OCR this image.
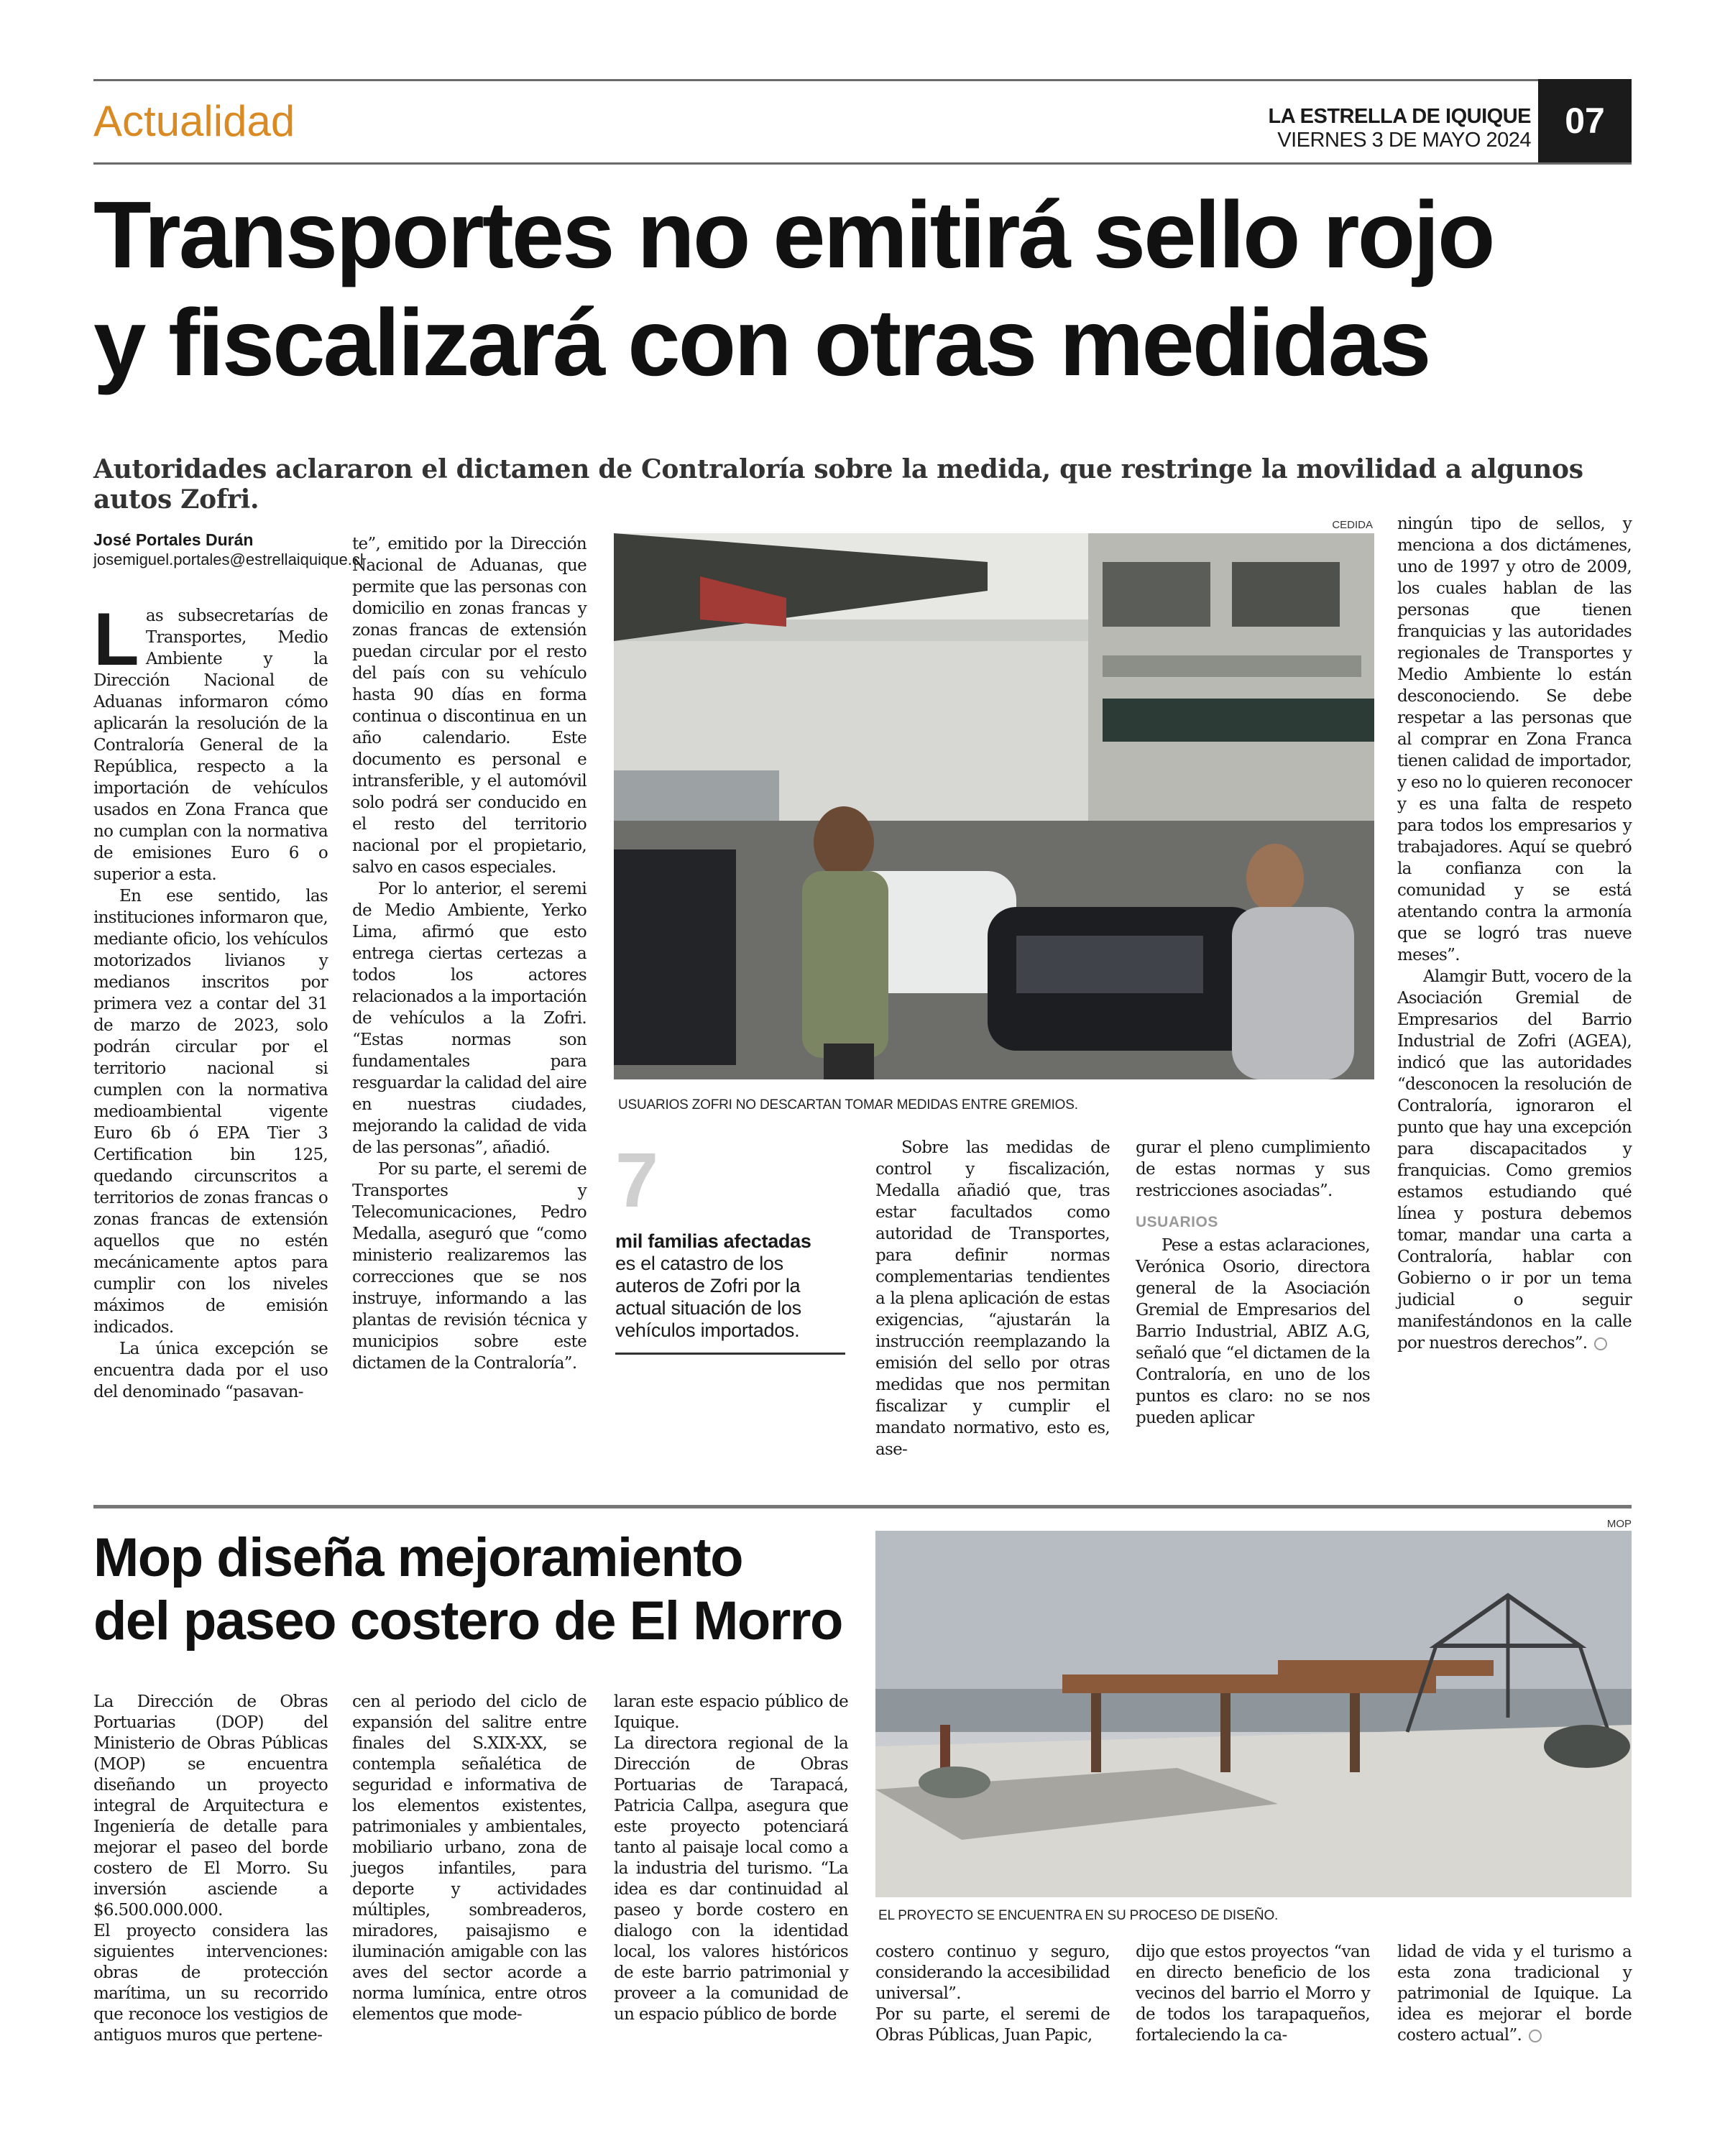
Actualidad	LA ESTRELLA DE IQUIQUE
VIERNES 3 DE MAYO 2024 07
Transportes no emitirá sello rojo
y fiscalizará con otras medidas
Autoridades aclararon el dictamen de Contraloría sobre la medida, que restringe la movilidad a algunos autos Zofri.
José Portales Durán
josemiguel.portales@estrellaiquique.cl

Las subsecretarías de Transportes, Medio Ambiente y la Dirección Nacional de Aduanas informaron cómo aplicarán la resolución de la Contraloría General de la República, respecto a la importación de vehículos usados en Zona Franca que no cumplan con la normativa de emisiones Euro 6 o superior a esta.

En ese sentido, las instituciones informaron que, mediante oficio, los vehículos motorizados livianos y medianos inscritos por primera vez a contar del 31 de marzo de 2023, solo podrán circular por el territorio nacional si cumplen con la normativa medioambiental vigente Euro 6b ó EPA Tier 3 Certification bin 125, quedando circunscritos a territorios de zonas francas o zonas francas de extensión aquellos que no estén mecánicamente aptos para cumplir con los niveles máximos de emisión indicados.

La única excepción se encuentra dada por el uso del denominado “pasavan-

te”, emitido por la Dirección Nacional de Aduanas, que permite que las personas con domicilio en zonas francas y zonas francas de extensión puedan circular por el resto del país con su vehículo hasta 90 días en forma continua o discontinua en un año calendario. Este documento es personal e intransferible, y el automóvil solo podrá ser conducido en el resto del territorio nacional por el propietario, salvo en casos especiales.

Por lo anterior, el seremi de Medio Ambiente, Yerko Lima, afirmó que esto entrega ciertas certezas a todos los actores relacionados a la importación de vehículos a la Zofri. “Estas normas son fundamentales para resguardar la calidad del aire en nuestras ciudades, mejorando la calidad de vida de las personas”, añadió.

Por su parte, el seremi de Transportes y Telecomunicaciones, Pedro Medalla, aseguró que “como ministerio realizaremos las correcciones que se nos instruye, informando a las plantas de revisión técnica y municipios sobre este dictamen de la Contraloría”.

CEDIDA
USUARIOS ZOFRI NO DESCARTAN TOMAR MEDIDAS ENTRE GREMIOS.
7
mil familias afectadas
es el catastro de los auteros de Zofri por la actual situación de los vehículos importados.

Sobre las medidas de control y fiscalización, Medalla añadió que, tras estar facultados como autoridad de Transportes, para definir normas complementarias tendientes a la plena aplicación de estas exigencias, “ajustarán la instrucción reemplazando la emisión del sello por otras medidas que nos permitan fiscalizar y cumplir el mandato normativo, esto es, ase-

gurar el pleno cumplimiento de estas normas y sus restricciones asociadas”.

USUARIOS

Pese a estas aclaraciones, Verónica Osorio, directora general de la Asociación Gremial de Empresarios del Barrio Industrial, ABIZ A.G, señaló que “el dictamen de la Contraloría, en uno de los puntos es claro: no se nos pueden aplicar

ningún tipo de sellos, y menciona a dos dictámenes, uno de 1997 y otro de 2009, los cuales hablan de las personas que tienen franquicias y las autoridades regionales de Transportes y Medio Ambiente lo están desconociendo. Se debe respetar a las personas que al comprar en Zona Franca tienen calidad de importador, y eso no lo quieren reconocer y es una falta de respeto para todos los empresarios y trabajadores. Aquí se quebró la confianza con la comunidad y se está atentando contra la armonía que se logró tras nueve meses”.

Alamgir Butt, vocero de la Asociación Gremial de Empresarios del Barrio Industrial de Zofri (AGEA), indicó que las autoridades “desconocen la resolución de Contraloría, ignoraron el punto que hay una excepción para discapacitados y franquicias. Como gremios estamos estudiando qué línea y postura debemos tomar, mandar una carta a Contraloría, hablar con Gobierno o ir por un tema judicial o seguir manifestándonos en la calle por nuestros derechos”.

Mop diseña mejoramiento
del paseo costero de El Morro

La Dirección de Obras Portuarias (DOP) del Ministerio de Obras Públicas (MOP) se encuentra diseñando un proyecto integral de Arquitectura e Ingeniería de detalle para mejorar el paseo del borde costero de El Morro. Su inversión asciende a $6.500.000.000.

El proyecto considera las siguientes intervenciones: obras de protección marítima, un su recorrido que reconoce los vestigios de antiguos muros que pertene-

cen al periodo del ciclo de expansión del salitre entre finales del S.XIX-XX, se contempla señalética de seguridad e informativa de los elementos existentes, patrimoniales y ambientales, mobiliario urbano, zona de juegos infantiles, para deporte y actividades múltiples, sombreaderos, miradores, paisajismo e iluminación amigable con las aves del sector acorde a norma lumínica, entre otros elementos que mode-

laran este espacio público de Iquique.

La directora regional de la Dirección de Obras Portuarias de Tarapacá, Patricia Callpa, asegura que este proyecto potenciará tanto al paisaje local como a la industria del turismo. “La idea es dar continuidad al paseo y borde costero en dialogo con la identidad local, los valores históricos de este barrio patrimonial y proveer a la comunidad de un espacio público de borde

MOP
EL PROYECTO SE ENCUENTRA EN SU PROCESO DE DISEÑO.

costero continuo y seguro, considerando la accesibilidad universal”.

Por su parte, el seremi de Obras Públicas, Juan Papic,

dijo que estos proyectos “van en directo beneficio de los vecinos del barrio el Morro y de todos los tarapaqueños, fortaleciendo la ca-

lidad de vida y el turismo a esta zona tradicional y patrimonial de Iquique. La idea es mejorar el borde costero actual”.
